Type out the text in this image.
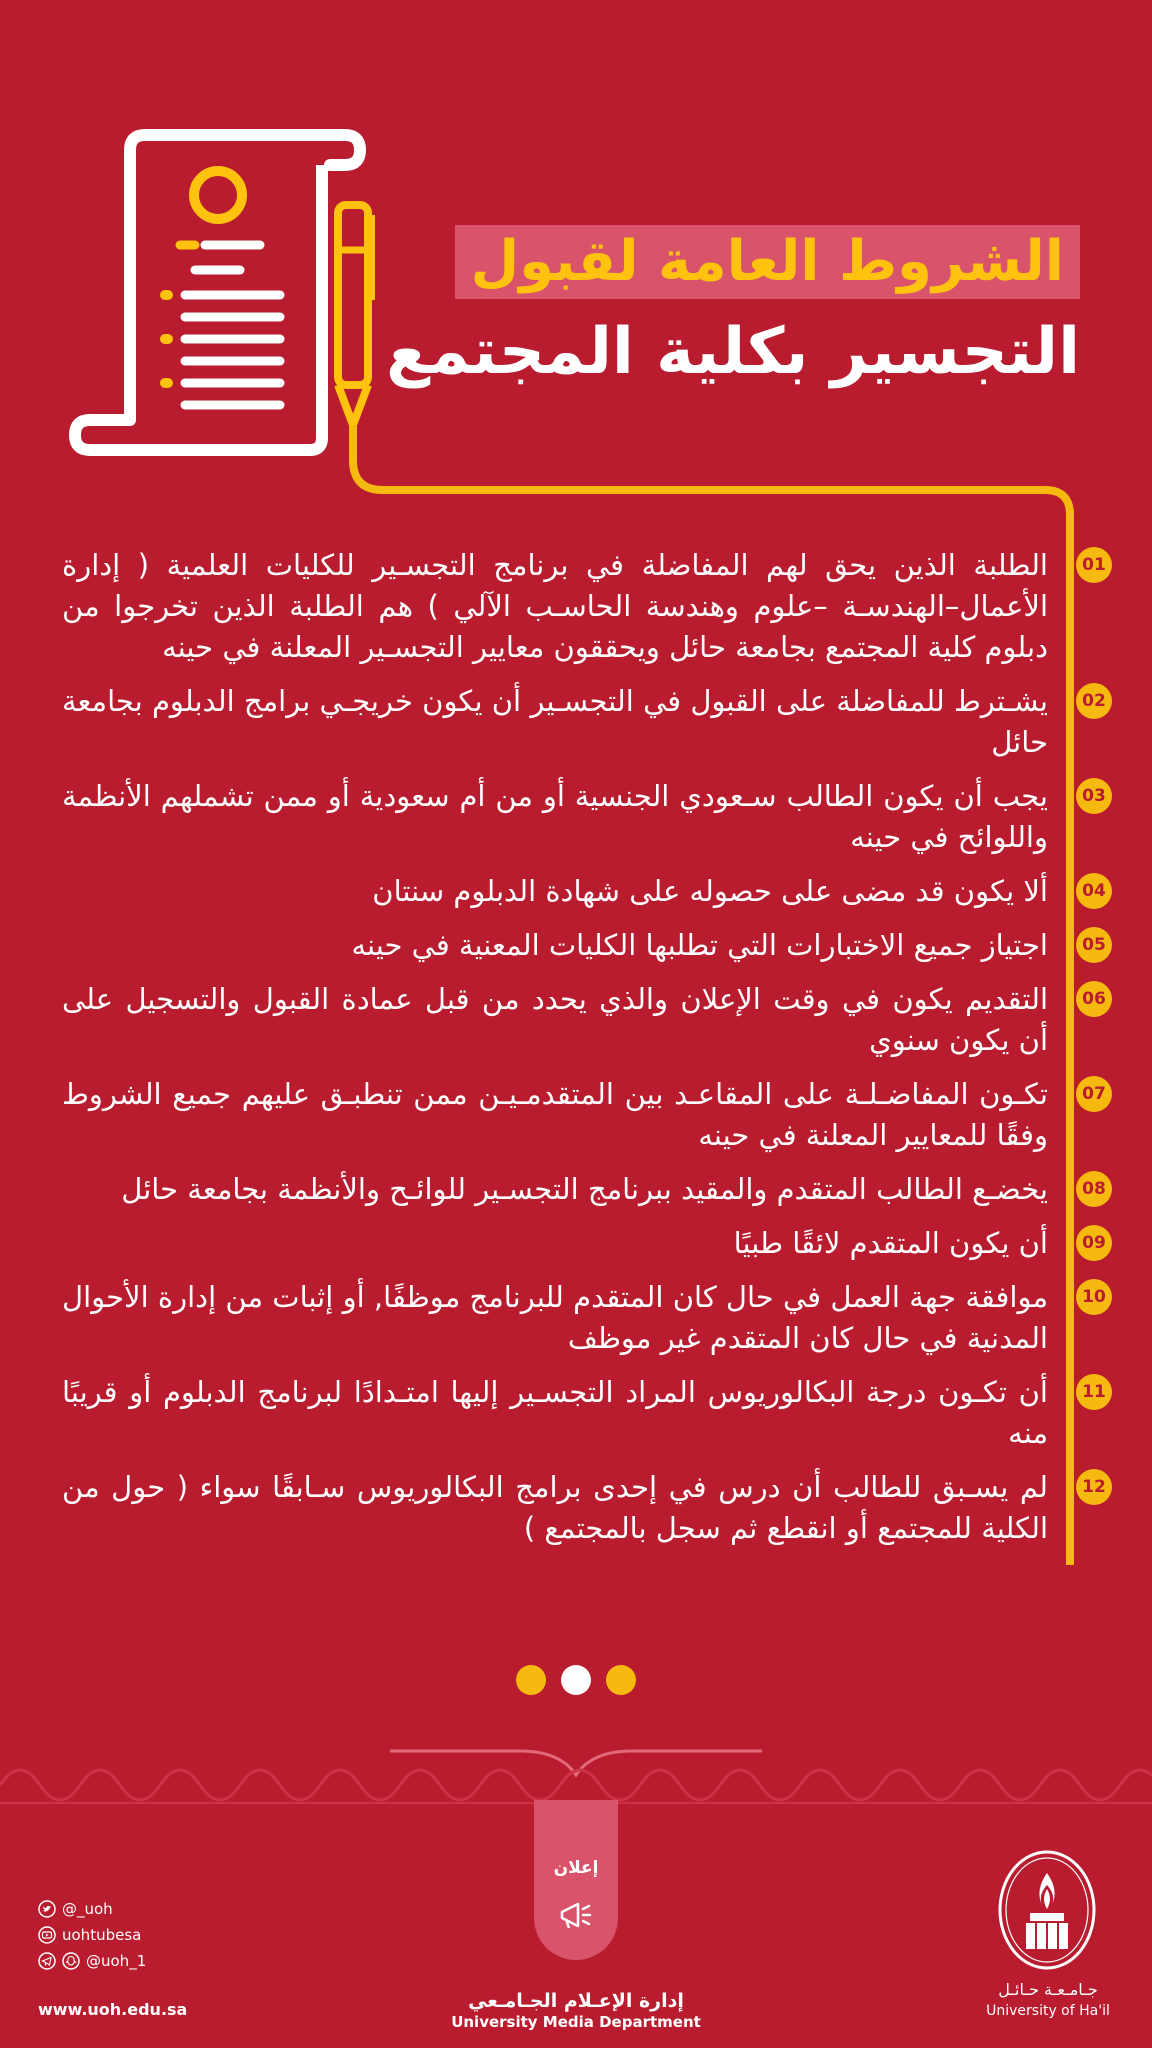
الشروط العامة لقبول
التجسير بكلية المجتمع
01
الطلبة الذين يحق لهم المفاضلة في برنامج التجسـير للكليات العلمية ( إدارة الأعمال–الهندسـة –علوم وهندسة الحاسـب الآلي ) هم الطلبة الذين تخرجوا من دبلوم كلية المجتمع بجامعة حائل ويحققون معايير التجسـير المعلنة في حينه
02
يشـترط للمفاضلة على القبول في التجسـير أن يكون خريجـي برامج الدبلوم بجامعة حائل
03
يجب أن يكون الطالب سـعودي الجنسية أو من أم سعودية أو ممن تشملهم الأنظمة واللوائح في حينه
04
ألا يكون قد مضى على حصوله على شهادة الدبلوم سنتان
05
اجتياز جميع الاختبارات التي تطلبها الكليات المعنية في حينه
06
التقديم يكون في وقت الإعلان والذي يحدد من قبل عمادة القبول والتسجيل على أن يكون سنوي
07
تكـون المفاضـلـة على المقاعـد بين المتقدمـيـن ممن تنطبـق عليهم جميع الشروط وفقًا للمعايير المعلنة في حينه
08
يخضـع الطالب المتقدم والمقيد ببرنامج التجسـير للوائـح والأنظمة بجامعة حائل
09
أن يكون المتقدم لائقًا طبيًا
10
موافقة جهة العمل في حال كان المتقدم للبرنامج موظفًا, أو إثبات من إدارة الأحوال المدنية في حال كان المتقدم غير موظف
11
أن تكـون درجة البكالوريوس المراد التجسـير إليها امتـدادًا لبرنامج الدبلوم أو قريبًا منه
12
لم يسـبق للطالب أن درس في إحدى برامج البكالوريوس سـابقًا سواء ( حول من الكلية للمجتمع أو انقطع ثم سجل بالمجتمع )

إعلان
إدارة الإعـلام الجـامـعي
University Media Department
@_uoh
uohtubesa
@uoh_1
www.uoh.edu.sa
جـامـعـة حـائـل
University of Ha'il
